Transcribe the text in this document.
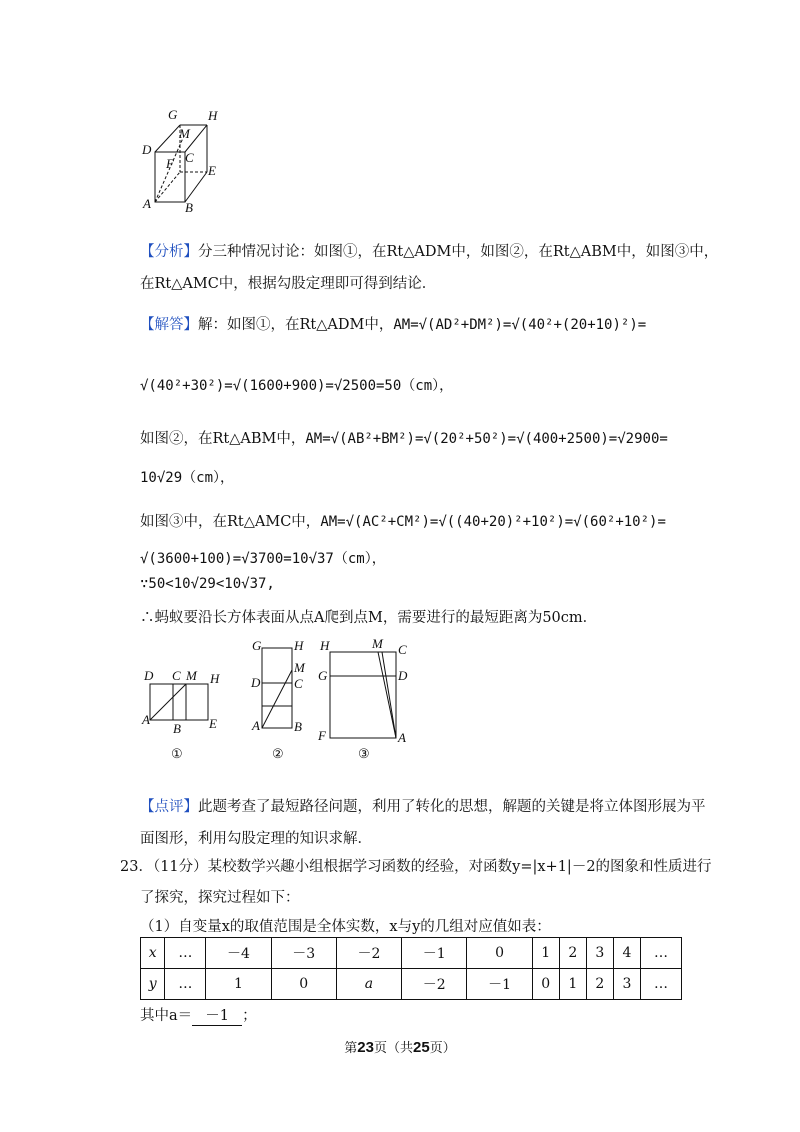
G H
M
D
C
F	E
A	B
【分析】分三种情况讨论：如图①，在Rt△ADM中，如图②，在Rt△ABM中，如图③中，
在Rt△AMC中，根据勾股定理即可得到结论．
【解答】解：如图①，在Rt△ADM中，AM=√(AD²+DM²)=√(40²+(20+10)²)=
√(40²+30²)=√(1600+900)=√2500=50（cm），
如图②，在Rt△ABM中，AM=√(AB²+BM²)=√(20²+50²)=√(400+2500)=√2900=
10√29（cm），
如图③中，在Rt△AMC中，AM=√(AC²+CM²)=√((40+20)²+10²)=√(60²+10²)=
√(3600+100)=√3700=10√37（cm），
∵50<10√29<10√37,
∴蚂蚁要沿长方体表面从点A爬到点M，需要进行的最短距离为50cm．
D C M H
A
B E
①
G	H
M
D	C
A	B
②
H	M C
G	D
F	A
③
【点评】此题考查了最短路径问题，利用了转化的思想，解题的关键是将立体图形展为平
面图形，利用勾股定理的知识求解．
23．（11分）某校数学兴趣小组根据学习函数的经验，对函数y=|x+1|－2的图象和性质进行
了探究，探究过程如下：
（1）自变量x的取值范围是全体实数，x与y的几组对应值如表：
x	…	－4	－3	－2	－1	0	1	2	3	4	…
y	…	1	0	a	－2	－1	0	1	2	3	…
其中a＝ －1 ；
第23页（共25页）
